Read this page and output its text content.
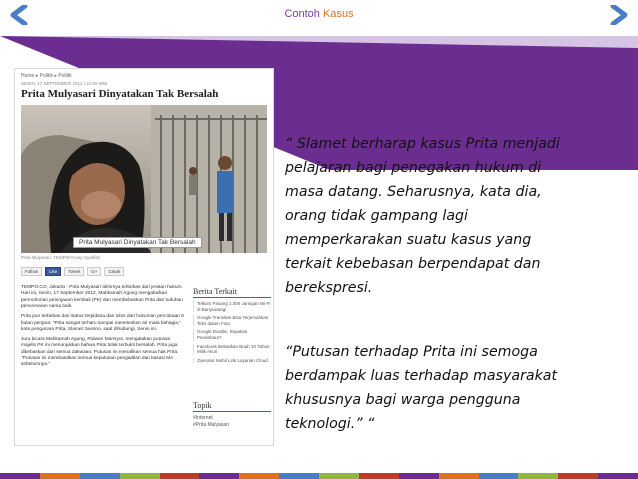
Contoh Kasus
Home ▸ Politik ▸ Politik
SENIN, 17 SEPTEMBER 2012 | 21:09 WIB
Prita Mulyasari Dinyatakan Tak Bersalah
Prita Mulyasari Dinyatakan Tak Bersalah
Prita Mulyasari. TEMPO/Yosep Syahfitri
Follow	Like	Tweet	G+	Cetak

TEMPO.CO, Jakarta - Prita Mulyasari akhirnya terbebas dari jeratan hukum. Hari ini, Senin, 17 September 2012, Mahkamah Agung mengabulkan permohonan peninjauan kembali (PK) dan membebaskan Prita dari tuduhan pencemaran nama baik.

Prita pun terbebas dari status terpidana dan lolos dari hukuman percobaan 6 bulan penjara. "Prita sangat terharu sampai meneteskan air mata bahagia," kata pengacara Prita, Slamet Juwono, saat dihubungi, Senin ini.

Juru bicara Mahkamah Agung, Ridwan Mansyur, mengatakan putusan majelis PK ini menunjukkan bahwa Prita tidak terbukti bersalah. Prita juga dibebaskan dari semua dakwaan. Putusan ini menafikan semua hak Prita. "Putusan ini membatalkan semua keputusan pengadilan dan kasasi MA sebelumnya."

Berita Terkait
Telkom Pasang 1.000 Jaringan Wi-Fi di Banyuwangi
Google Translate Bisa Terjemahkan Teks dalam Foto
Google Doodle, Sepakan Pendahara?
Facebook Bebaskan Boah 10 Tahun Milik Akun
Operator Mobil Lirik Layanan Cloud
Topik
#Internet
#Prita Mulyasari
“ Slamet berharap kasus Prita menjadi
pelajaran bagi penegakan hukum di
masa datang. Seharusnya, kata dia,
orang tidak gampang lagi
memperkarakan suatu kasus yang
terkait kebebasan berpendapat dan
berekspresi.
“Putusan terhadap Prita ini semoga
berdampak luas terhadap masyarakat
khususnya bagi warga pengguna
teknologi.” “
